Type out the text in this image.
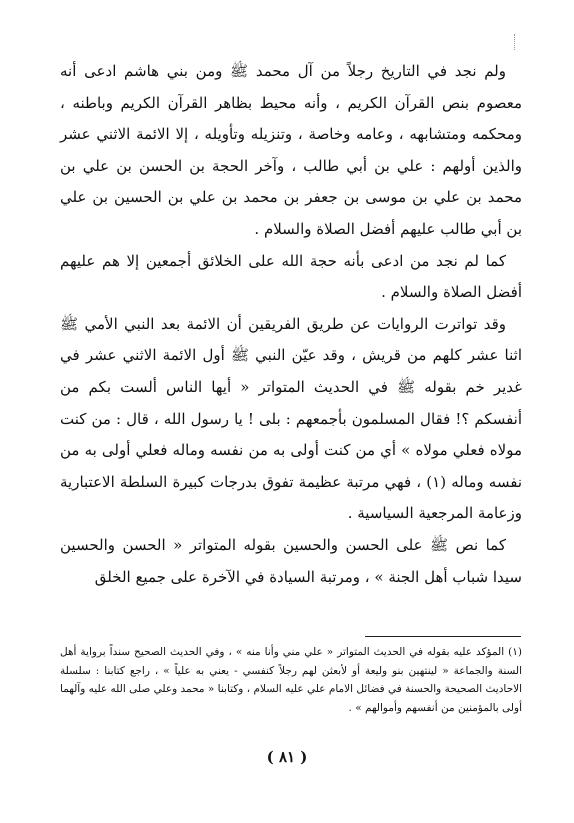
ولم نجد في التاريخ رجلاً من آل محمد ﷺ ومن بني هاشم ادعى أنه معصوم بنص القرآن الكريم ، وأنه محيط بظاهر القرآن الكريم وباطنه ، ومحكمه ومتشابهه ، وعامه وخاصة ، وتنزيله وتأويله ، إلا الائمة الاثني عشر والذين أولهم : علي بن أبي طالب ، وآخر الحجة بن الحسن بن علي بن محمد بن علي بن موسى بن جعفر بن محمد بن علي بن الحسين بن علي بن أبي طالب عليهم أفضل الصلاة والسلام .

كما لم نجد من ادعى بأنه حجة الله على الخلائق أجمعين إلا هم عليهم أفضل الصلاة والسلام .

وقد تواترت الروايات عن طريق الفريقين أن الائمة بعد النبي الأمي ﷺ اثنا عشر كلهم من قريش ، وقد عيّن النبي ﷺ أول الائمة الاثني عشر في غدير خم بقوله ﷺ في الحديث المتواتر « أيها الناس ألست بكم من أنفسكم ؟! فقال المسلمون بأجمعهم : بلى ! يا رسول الله ، قال : من كنت مولاه فعلي مولاه » أي من كنت أولى به من نفسه وماله فعلي أولى به من نفسه وماله (١) ، فهي مرتبة عظيمة تفوق بدرجات كبيرة السلطة الاعتبارية وزعامة المرجعية السياسية .

كما نص ﷺ على الحسن والحسين بقوله المتواتر « الحسن والحسين سيدا شباب أهل الجنة » ، ومرتبة السيادة في الآخرة على جميع الخلق

(١) المؤكد عليه بقوله في الحديث المتواتر « علي مني وأنا منه » ، وفي الحديث الصحيح سنداً برواية أهل السنة والجماعة « لينتهين بنو وليعة أو لأبعثن لهم رجلاً كنفسي - يعني به علياً » ، راجع كتابنا : سلسلة الاحاديث الصحيحة والحسنة في فضائل الامام علي عليه السلام ، وكتابنا « محمد وعلي صلى الله عليه وآلهما أولى بالمؤمنين من أنفسهم وأموالهم » .

( ٨١ )
